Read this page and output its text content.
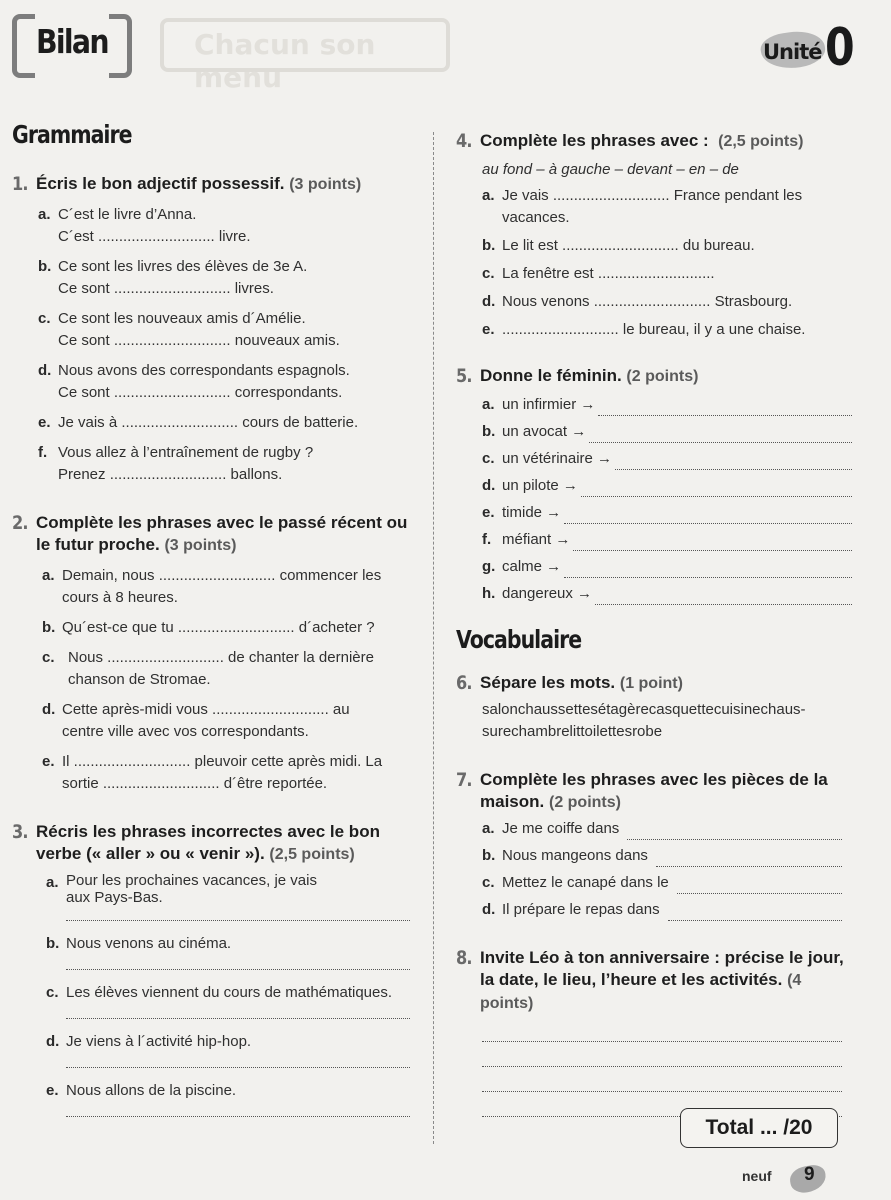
Bilan	Chacun son menu
Unité 0
Grammaire
1. Écris le bon adjectif possessif. (3 points)
a. C´est le livre d’Anna.
C´est ............................ livre.
b. Ce sont les livres des élèves de 3e A.
Ce sont ............................ livres.
c. Ce sont les nouveaux amis d´Amélie.
Ce sont ............................ nouveaux amis.
d. Nous avons des correspondants espagnols.
Ce sont ............................ correspondants.
e. Je vais à ............................ cours de batterie.
f. Vous allez à l’entraînement de rugby ?
Prenez ............................ ballons.
2. Complète les phrases avec le passé récent ou le futur proche. (3 points)
a. Demain, nous ............................ commencer les
cours à 8 heures.
b. Qu´est-ce que tu ............................ d´acheter ?
c. Nous ............................ de chanter la dernière
chanson de Stromae.
d. Cette après-midi vous ............................ au
centre ville avec vos correspondants.
e. Il ............................ pleuvoir cette après midi. La
sortie ............................ d´être reportée.
3. Récris les phrases incorrectes avec le bon verbe (« aller » ou « venir »). (2,5 points)
a. Pour les prochaines vacances, je vais
aux Pays-Bas.
b. Nous venons au cinéma.
c. Les élèves viennent du cours de mathématiques.
d. Je viens à l´activité hip-hop.
e. Nous allons de la piscine.
4. Complète les phrases avec : (2,5 points)
au fond – à gauche – devant – en – de
a. Je vais ............................ France pendant les
vacances.
b. Le lit est ............................ du bureau.
c. La fenêtre est ............................
d. Nous venons ............................ Strasbourg.
e. ............................ le bureau, il y a une chaise.
5. Donne le féminin. (2 points)
a. un infirmier →
b. un avocat →
c. un vétérinaire →
d. un pilote →
e. timide →
f. méfiant →
g. calme →
h. dangereux →
Vocabulaire
6. Sépare les mots. (1 point)
salonchaussettesétagèrecasquettecuisinechaus-
surechambrelittoilettesrobe
7. Complète les phrases avec les pièces de la maison. (2 points)
a. Je me coiffe dans
b. Nous mangeons dans
c. Mettez le canapé dans le
d. Il prépare le repas dans
8. Invite Léo à ton anniversaire : précise le jour, la date, le lieu, l’heure et les activités. (4 points)
Total ... /20
neuf 9
